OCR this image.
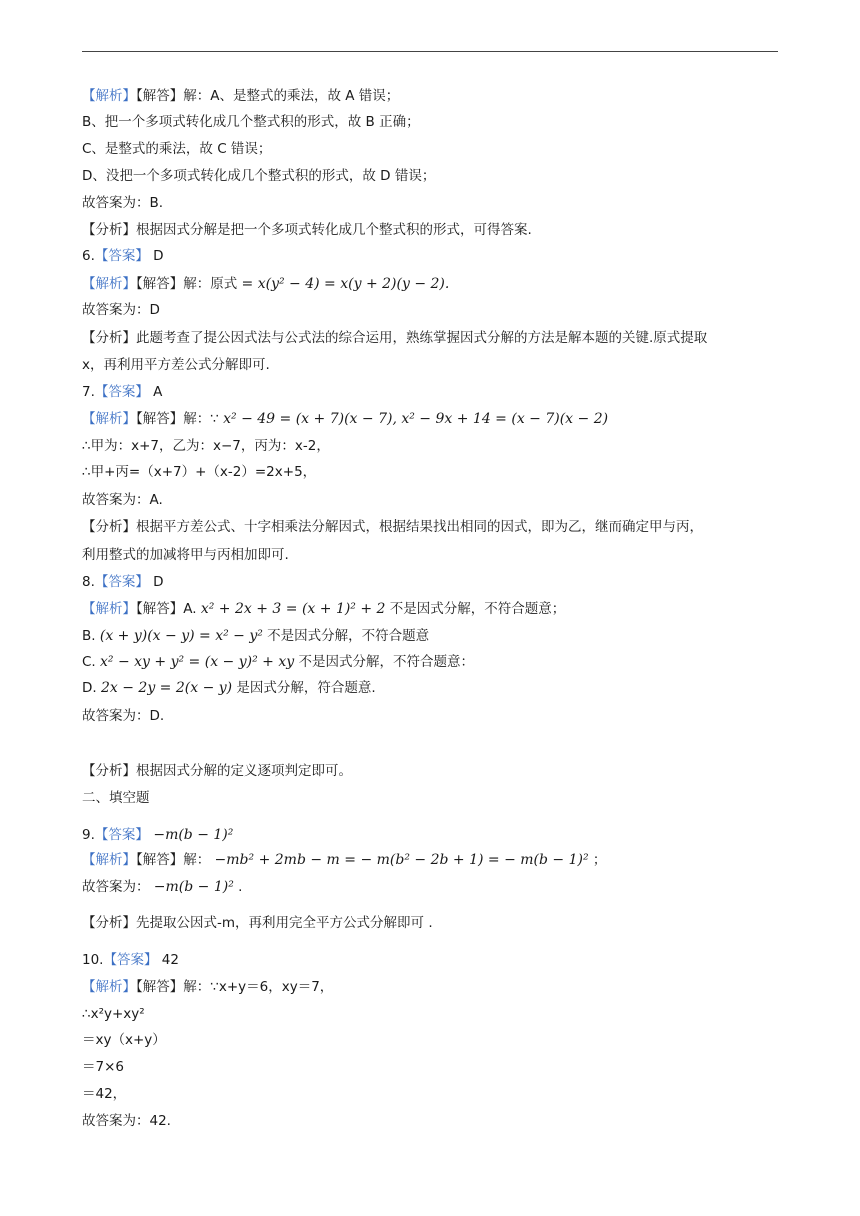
【解析】【解答】解：A、是整式的乘法，故 A 错误；
B、把一个多项式转化成几个整式积的形式，故 B 正确；
C、是整式的乘法，故 C 错误；
D、没把一个多项式转化成几个整式积的形式，故 D 错误；
故答案为：B.
【分析】根据因式分解是把一个多项式转化成几个整式积的形式，可得答案.
6.【答案】 D
【解析】【解答】解：原式 = x(y² − 4) = x(y + 2)(y − 2).
故答案为：D
【分析】此题考查了提公因式法与公式法的综合运用，熟练掌握因式分解的方法是解本题的关键.原式提取
x，再利用平方差公式分解即可.
7.【答案】 A
【解析】【解答】解：∵ x² − 49 = (x + 7)(x − 7), x² − 9x + 14 = (x − 7)(x − 2)
∴甲为：x+7，乙为：x−7，丙为：x-2，
∴甲+丙=（x+7）+（x-2）=2x+5，
故答案为：A.
【分析】根据平方差公式、十字相乘法分解因式，根据结果找出相同的因式，即为乙，继而确定甲与丙，
利用整式的加减将甲与丙相加即可.
8.【答案】 D
【解析】【解答】A. x² + 2x + 3 = (x + 1)² + 2 不是因式分解，不符合题意；
B. (x + y)(x − y) = x² − y² 不是因式分解，不符合题意
C. x² − xy + y² = (x − y)² + xy 不是因式分解，不符合题意：
D. 2x − 2y = 2(x − y) 是因式分解，符合题意.
故答案为：D.
【分析】根据因式分解的定义逐项判定即可。
二、填空题
9.【答案】 −m(b − 1)²
【解析】【解答】解： −mb² + 2mb − m = − m(b² − 2b + 1) = − m(b − 1)² ；
故答案为： −m(b − 1)² .
【分析】先提取公因式-m，再利用完全平方公式分解即可 .
10.【答案】 42
【解析】【解答】解：∵x+y＝6，xy＝7，
∴x²y+xy²
＝xy（x+y）
＝7×6
＝42，
故答案为：42.
